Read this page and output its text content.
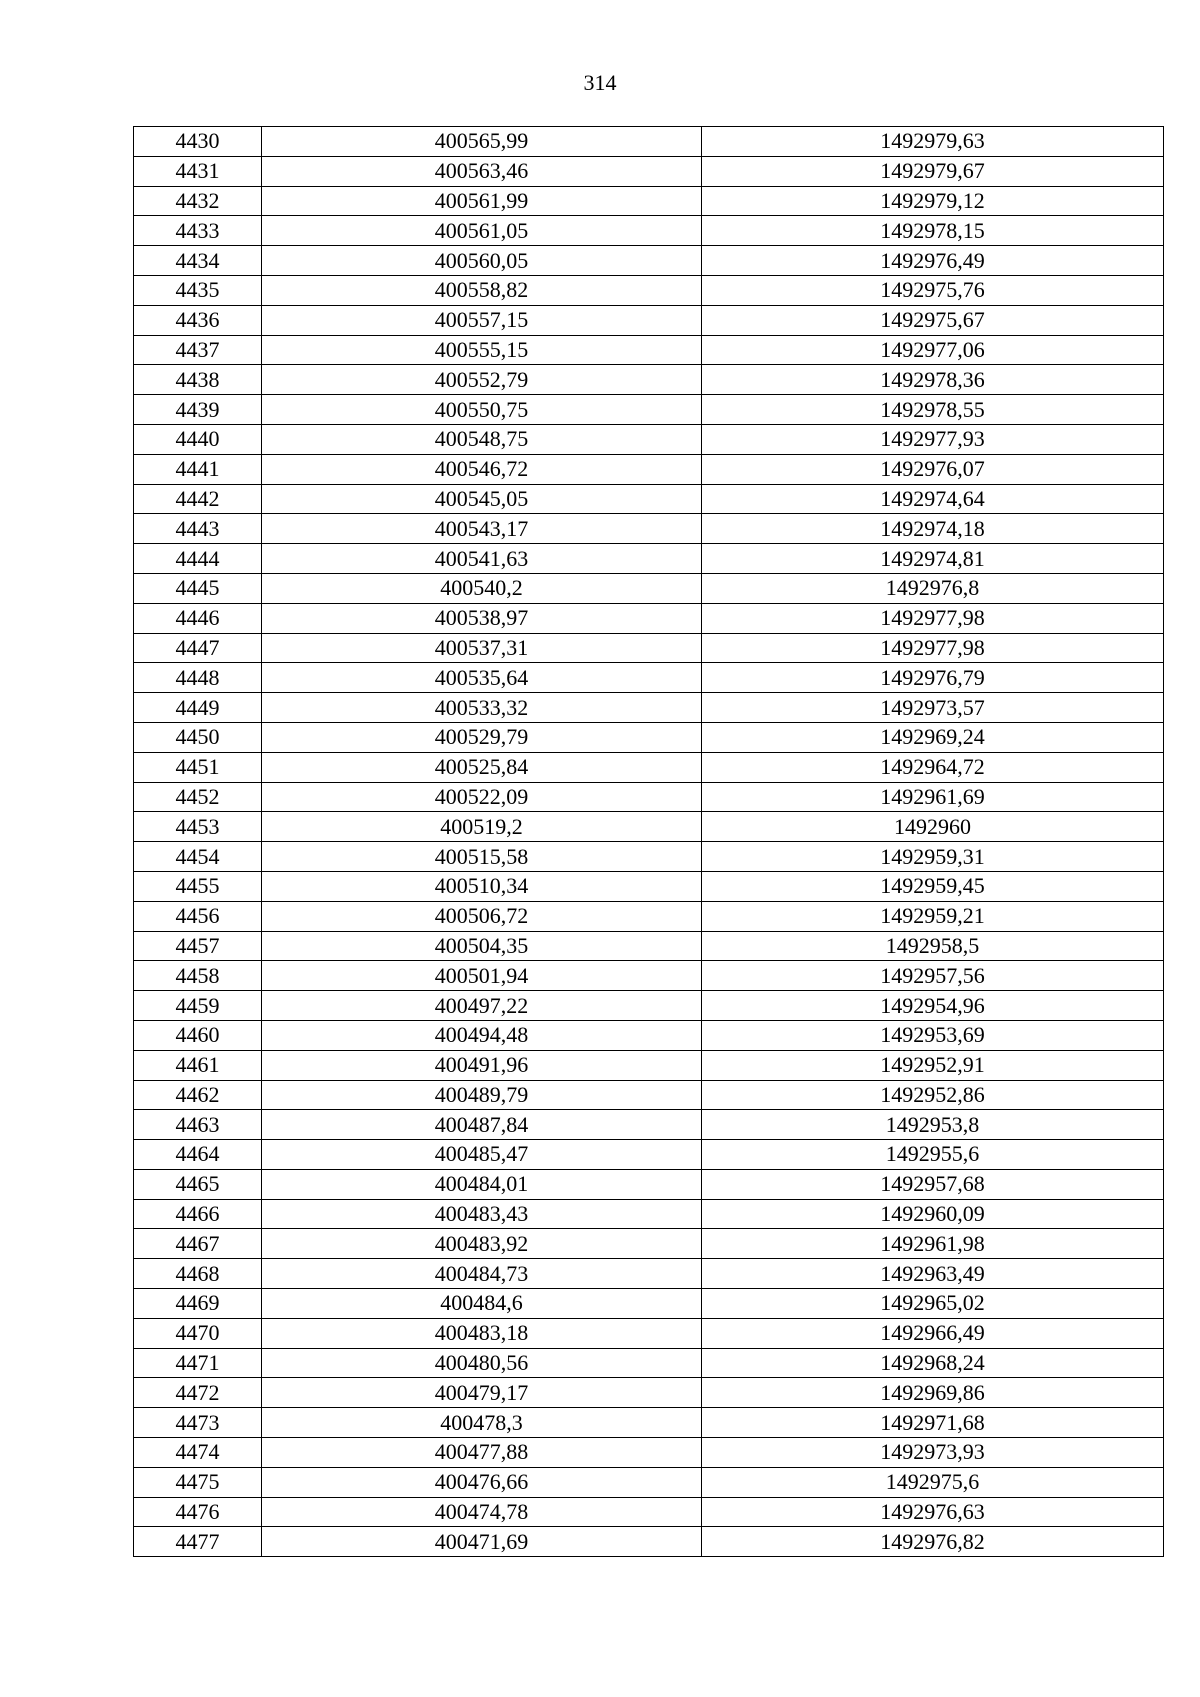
314
4430	400565,99	1492979,63
4431	400563,46	1492979,67
4432	400561,99	1492979,12
4433	400561,05	1492978,15
4434	400560,05	1492976,49
4435	400558,82	1492975,76
4436	400557,15	1492975,67
4437	400555,15	1492977,06
4438	400552,79	1492978,36
4439	400550,75	1492978,55
4440	400548,75	1492977,93
4441	400546,72	1492976,07
4442	400545,05	1492974,64
4443	400543,17	1492974,18
4444	400541,63	1492974,81
4445	400540,2	1492976,8
4446	400538,97	1492977,98
4447	400537,31	1492977,98
4448	400535,64	1492976,79
4449	400533,32	1492973,57
4450	400529,79	1492969,24
4451	400525,84	1492964,72
4452	400522,09	1492961,69
4453	400519,2	1492960
4454	400515,58	1492959,31
4455	400510,34	1492959,45
4456	400506,72	1492959,21
4457	400504,35	1492958,5
4458	400501,94	1492957,56
4459	400497,22	1492954,96
4460	400494,48	1492953,69
4461	400491,96	1492952,91
4462	400489,79	1492952,86
4463	400487,84	1492953,8
4464	400485,47	1492955,6
4465	400484,01	1492957,68
4466	400483,43	1492960,09
4467	400483,92	1492961,98
4468	400484,73	1492963,49
4469	400484,6	1492965,02
4470	400483,18	1492966,49
4471	400480,56	1492968,24
4472	400479,17	1492969,86
4473	400478,3	1492971,68
4474	400477,88	1492973,93
4475	400476,66	1492975,6
4476	400474,78	1492976,63
4477	400471,69	1492976,82
